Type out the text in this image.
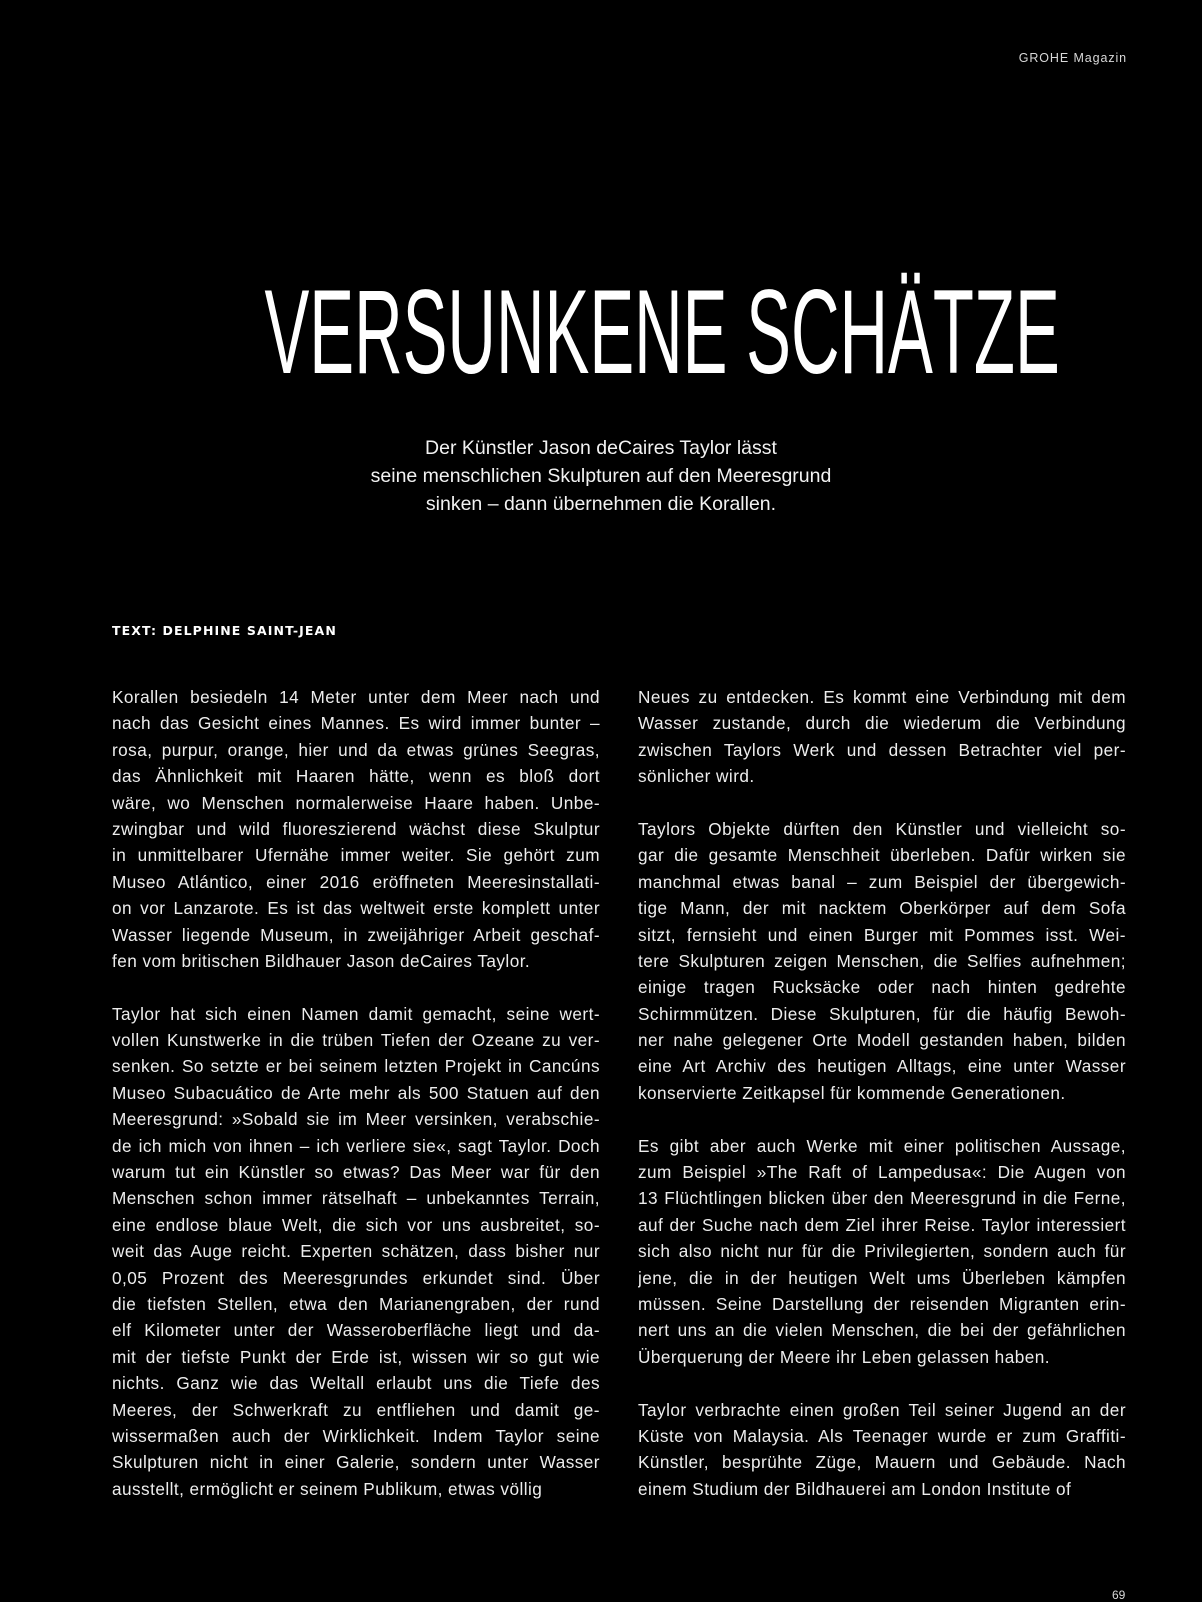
GROHE Magazin
VERSUNKENE SCHÄTZE
Der Künstler Jason deCaires Taylor lässt
seine menschlichen Skulpturen auf den Meeresgrund
sinken – dann übernehmen die Korallen.
TEXT: DELPHINE SAINT-JEAN

Korallen besiedeln 14 Meter unter dem Meer nach und
nach das Gesicht eines Mannes. Es wird immer bunter –
rosa, purpur, orange, hier und da etwas grünes Seegras,
das Ähnlichkeit mit Haaren hätte, wenn es bloß dort
wäre, wo Menschen normalerweise Haare haben. Unbe-
zwingbar und wild fluoreszierend wächst diese Skulptur
in unmittelbarer Ufernähe immer weiter. Sie gehört zum
Museo Atlántico, einer 2016 eröffneten Meeresinstallati-
on vor Lanzarote. Es ist das weltweit erste komplett unter
Wasser liegende Museum, in zweijähriger Arbeit geschaf-
fen vom britischen Bildhauer Jason deCaires Taylor.

Taylor hat sich einen Namen damit gemacht, seine wert-
vollen Kunstwerke in die trüben Tiefen der Ozeane zu ver-
senken. So setzte er bei seinem letzten Projekt in Cancúns
Museo Subacuático de Arte mehr als 500 Statuen auf den
Meeresgrund: »Sobald sie im Meer versinken, verabschie-
de ich mich von ihnen – ich verliere sie«, sagt Taylor. Doch
warum tut ein Künstler so etwas? Das Meer war für den
Menschen schon immer rätselhaft – unbekanntes Terrain,
eine endlose blaue Welt, die sich vor uns ausbreitet, so-
weit das Auge reicht. Experten schätzen, dass bisher nur
0,05 Prozent des Meeresgrundes erkundet sind. Über
die tiefsten Stellen, etwa den Marianengraben, der rund
elf Kilometer unter der Wasseroberfläche liegt und da-
mit der tiefste Punkt der Erde ist, wissen wir so gut wie
nichts. Ganz wie das Weltall erlaubt uns die Tiefe des
Meeres, der Schwerkraft zu entfliehen und damit ge-
wissermaßen auch der Wirklichkeit. Indem Taylor seine
Skulpturen nicht in einer Galerie, sondern unter Wasser
ausstellt, ermöglicht er seinem Publikum, etwas völlig

Neues zu entdecken. Es kommt eine Verbindung mit dem
Wasser zustande, durch die wiederum die Verbindung
zwischen Taylors Werk und dessen Betrachter viel per-
sönlicher wird.

Taylors Objekte dürften den Künstler und vielleicht so-
gar die gesamte Menschheit überleben. Dafür wirken sie
manchmal etwas banal – zum Beispiel der übergewich-
tige Mann, der mit nacktem Oberkörper auf dem Sofa
sitzt, fernsieht und einen Burger mit Pommes isst. Wei-
tere Skulpturen zeigen Menschen, die Selfies aufnehmen;
einige tragen Rucksäcke oder nach hinten gedrehte
Schirmmützen. Diese Skulpturen, für die häufig Bewoh-
ner nahe gelegener Orte Modell gestanden haben, bilden
eine Art Archiv des heutigen Alltags, eine unter Wasser
konservierte Zeitkapsel für kommende Generationen.

Es gibt aber auch Werke mit einer politischen Aussage,
zum Beispiel »The Raft of Lampedusa«: Die Augen von
13 Flüchtlingen blicken über den Meeresgrund in die Ferne,
auf der Suche nach dem Ziel ihrer Reise. Taylor interessiert
sich also nicht nur für die Privilegierten, sondern auch für
jene, die in der heutigen Welt ums Überleben kämpfen
müssen. Seine Darstellung der reisenden Migranten erin-
nert uns an die vielen Menschen, die bei der gefährlichen
Überquerung der Meere ihr Leben gelassen haben.

Taylor verbrachte einen großen Teil seiner Jugend an der
Küste von Malaysia. Als Teenager wurde er zum Graffiti-
Künstler, besprühte Züge, Mauern und Gebäude. Nach
einem Studium der Bildhauerei am London Institute of

69
